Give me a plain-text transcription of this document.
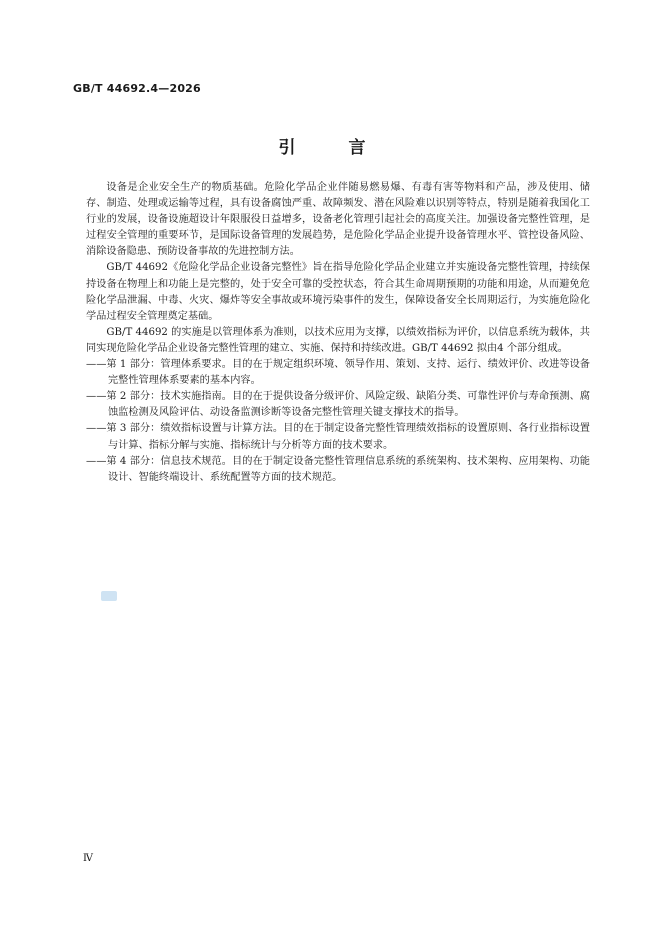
GB/T 44692.4—2026
引　言

设备是企业安全生产的物质基础。危险化学品企业伴随易燃易爆、有毒有害等物料和产品，涉及使用、储存、制造、处理或运输等过程，具有设备腐蚀严重、故障频发、潜在风险难以识别等特点，特别是随着我国化工行业的发展，设备设施超设计年限服役日益增多，设备老化管理引起社会的高度关注。加强设备完整性管理，是过程安全管理的重要环节，是国际设备管理的发展趋势，是危险化学品企业提升设备管理水平、管控设备风险、消除设备隐患、预防设备事故的先进控制方法。

GB/T 44692《危险化学品企业设备完整性》旨在指导危险化学品企业建立并实施设备完整性管理，持续保持设备在物理上和功能上是完整的，处于安全可靠的受控状态，符合其生命周期预期的功能和用途，从而避免危险化学品泄漏、中毒、火灾、爆炸等安全事故或环境污染事件的发生，保障设备安全长周期运行，为实施危险化学品过程安全管理奠定基础。

GB/T 44692 的实施是以管理体系为准则，以技术应用为支撑，以绩效指标为评价，以信息系统为载体，共同实现危险化学品企业设备完整性管理的建立、实施、保持和持续改进。GB/T 44692 拟由4 个部分组成。

——第 1 部分：管理体系要求。目的在于规定组织环境、领导作用、策划、支持、运行、绩效评价、改进等设备完整性管理体系要素的基本内容。

——第 2 部分：技术实施指南。目的在于提供设备分级评价、风险定级、缺陷分类、可靠性评价与寿命预测、腐蚀监检测及风险评估、动设备监测诊断等设备完整性管理关键支撑技术的指导。

——第 3 部分：绩效指标设置与计算方法。目的在于制定设备完整性管理绩效指标的设置原则、各行业指标设置与计算、指标分解与实施、指标统计与分析等方面的技术要求。

——第 4 部分：信息技术规范。目的在于制定设备完整性管理信息系统的系统架构、技术架构、应用架构、功能设计、智能终端设计、系统配置等方面的技术规范。

Ⅳ
